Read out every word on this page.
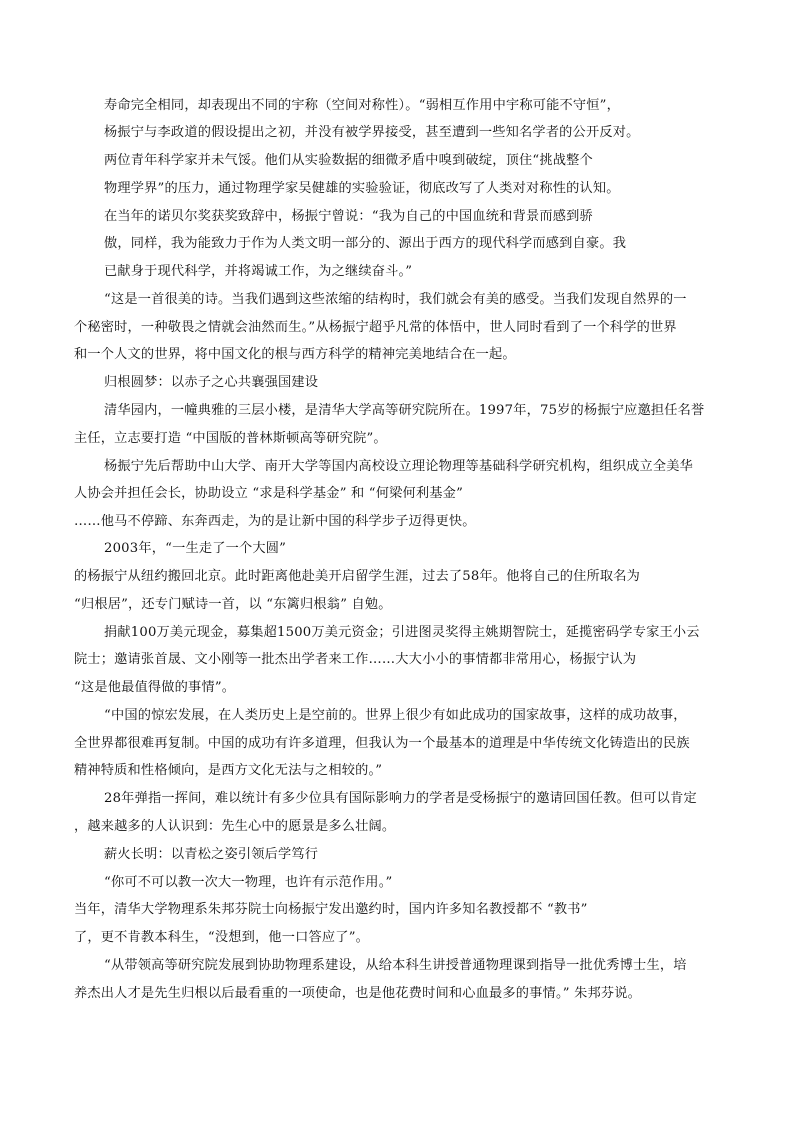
寿命完全相同，却表现出不同的宇称（空间对称性）。“弱相互作用中宇称可能不守恒”，
杨振宁与李政道的假设提出之初，并没有被学界接受，甚至遭到一些知名学者的公开反对。
两位青年科学家并未气馁。他们从实验数据的细微矛盾中嗅到破绽，顶住“挑战整个
物理学界”的压力，通过物理学家吴健雄的实验验证，彻底改写了人类对对称性的认知。
在当年的诺贝尔奖获奖致辞中，杨振宁曾说：“我为自己的中国血统和背景而感到骄
傲，同样，我为能致力于作为人类文明一部分的、源出于西方的现代科学而感到自豪。我
已献身于现代科学，并将竭诚工作，为之继续奋斗。”
“这是一首很美的诗。当我们遇到这些浓缩的结构时，我们就会有美的感受。当我们发现自然界的一
个秘密时，一种敬畏之情就会油然而生。”从杨振宁超乎凡常的体悟中，世人同时看到了一个科学的世界
和一个人文的世界，将中国文化的根与西方科学的精神完美地结合在一起。
归根圆梦：以赤子之心共襄强国建设
清华园内，一幢典雅的三层小楼，是清华大学高等研究院所在。1997年，75岁的杨振宁应邀担任名誉
主任，立志要打造 “中国版的普林斯顿高等研究院”。
杨振宁先后帮助中山大学、南开大学等国内高校设立理论物理等基础科学研究机构，组织成立全美华
人协会并担任会长，协助设立 “求是科学基金” 和 “何梁何利基金”
……他马不停蹄、东奔西走，为的是让新中国的科学步子迈得更快。
2003年，“一生走了一个大圆”
的杨振宁从纽约搬回北京。此时距离他赴美开启留学生涯，过去了58年。他将自己的住所取名为
“归根居”，还专门赋诗一首，以 “东篱归根翁” 自勉。
捐献100万美元现金，募集超1500万美元资金；引进图灵奖得主姚期智院士，延揽密码学专家王小云
院士；邀请张首晟、文小刚等一批杰出学者来工作……大大小小的事情都非常用心，杨振宁认为
“这是他最值得做的事情”。
“中国的惊宏发展，在人类历史上是空前的。世界上很少有如此成功的国家故事，这样的成功故事，
全世界都很难再复制。中国的成功有许多道理，但我认为一个最基本的道理是中华传统文化铸造出的民族
精神特质和性格倾向，是西方文化无法与之相较的。”
28年弹指一挥间，难以统计有多少位具有国际影响力的学者是受杨振宁的邀请回国任教。但可以肯定
，越来越多的人认识到：先生心中的愿景是多么壮阔。
薪火长明：以青松之姿引领后学笃行
“你可不可以教一次大一物理，也许有示范作用。”
当年，清华大学物理系朱邦芬院士向杨振宁发出邀约时，国内许多知名教授都不 “教书”
了，更不肯教本科生，“没想到，他一口答应了”。
“从带领高等研究院发展到协助物理系建设，从给本科生讲授普通物理课到指导一批优秀博士生，培
养杰出人才是先生归根以后最看重的一项使命，也是他花费时间和心血最多的事情。” 朱邦芬说。
